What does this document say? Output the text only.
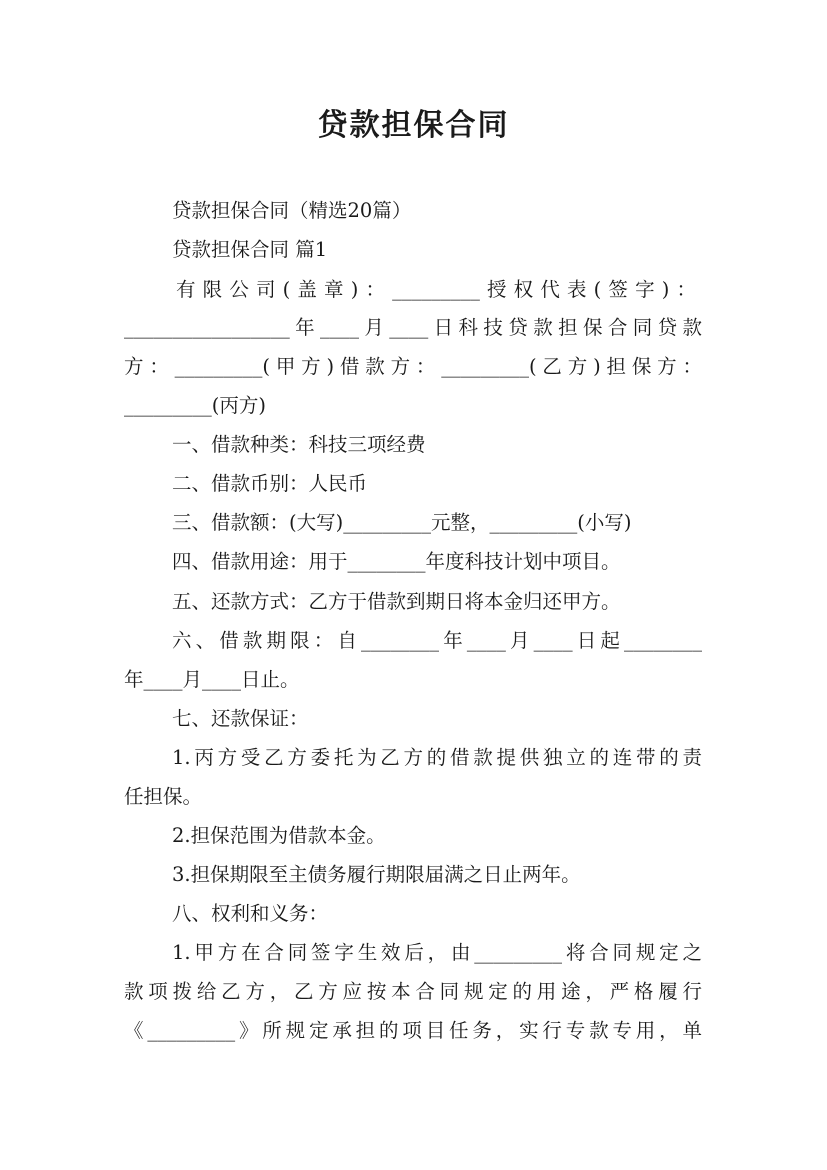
贷款担保合同
贷款担保合同（精选20篇）
贷款担保合同 篇1
有限公司(盖章)：_________授权代表(签字)：
_________________年____月____日科技贷款担保合同贷款
方：_________(甲方)借款方：_________(乙方)担保方：
_________(丙方)
一、借款种类：科技三项经费
二、借款币别：人民币
三、借款额：(大写)_________元整，_________(小写)
四、借款用途：用于________年度科技计划中项目。
五、还款方式：乙方于借款到期日将本金归还甲方。
六、借款期限：自________年____月____日起________
年____月____日止。
七、还款保证：
1.丙方受乙方委托为乙方的借款提供独立的连带的责
任担保。
2.担保范围为借款本金。
3.担保期限至主债务履行期限届满之日止两年。
八、权利和义务：
1.甲方在合同签字生效后，由_________将合同规定之
款项拨给乙方，乙方应按本合同规定的用途，严格履行
《_________》所规定承担的项目任务，实行专款专用，单
